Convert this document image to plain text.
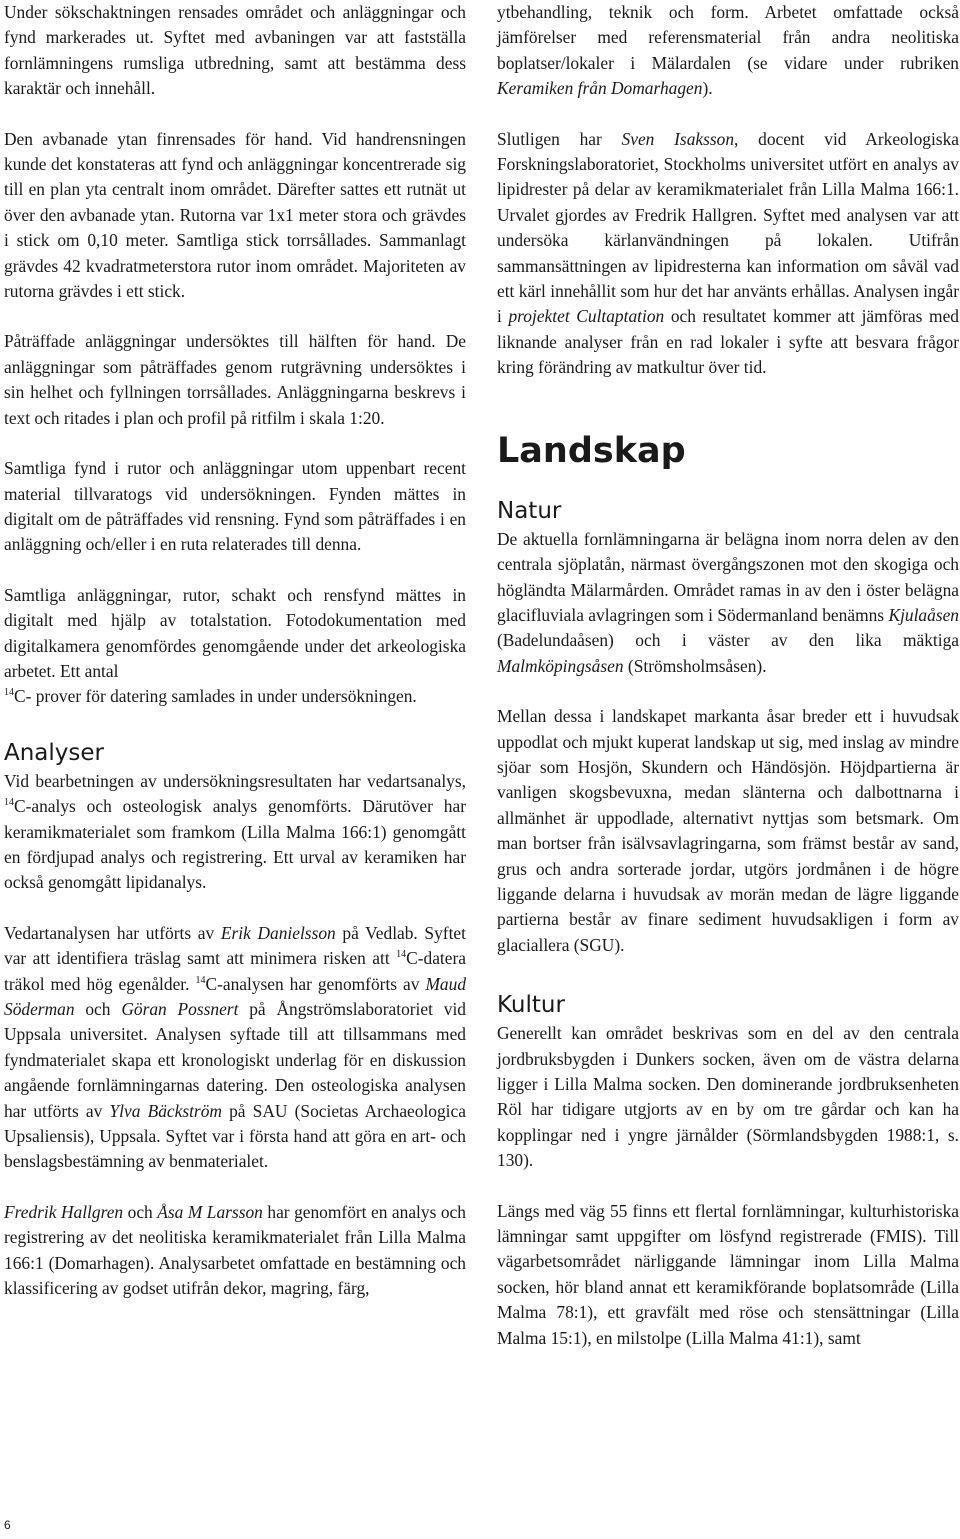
Under sökschaktningen rensades området och anläggningar och fynd markerades ut. Syftet med avbaningen var att fastställa fornlämningens rumsliga utbredning, samt att bestämma dess karaktär och innehåll.

Den avbanade ytan finrensades för hand. Vid handrensningen kunde det konstateras att fynd och anläggningar koncentrerade sig till en plan yta centralt inom området. Därefter sattes ett rutnät ut över den avbanade ytan. Rutorna var 1x1 meter stora och grävdes i stick om 0,10 meter. Samtliga stick torrsållades. Sammanlagt grävdes 42 kvadratmeterstora rutor inom området. Majoriteten av rutorna grävdes i ett stick.

Påträffade anläggningar undersöktes till hälften för hand. De anläggningar som påträffades genom rutgrävning undersöktes i sin helhet och fyllningen torrsållades. Anläggningarna beskrevs i text och ritades i plan och profil på ritfilm i skala 1:20.

Samtliga fynd i rutor och anläggningar utom uppenbart recent material tillvaratogs vid undersökningen. Fynden mättes in digitalt om de påträffades vid rensning. Fynd som påträffades i en anläggning och/eller i en ruta relaterades till denna.

Samtliga anläggningar, rutor, schakt och rensfynd mättes in digitalt med hjälp av totalstation. Fotodokumentation med digitalkamera genomfördes genomgående under det arkeologiska arbetet. Ett antal
$^{14}$C- prover för datering samlades in under undersökningen.

Analyser

Vid bearbetningen av undersökningsresultaten har vedartsanalys, $^{14}$C-analys och osteologisk analys genomförts. Därutöver har keramikmaterialet som framkom (Lilla Malma 166:1) genomgått en fördjupad analys och registrering. Ett urval av keramiken har också genomgått lipidanalys.

Vedartanalysen har utförts av Erik Danielsson på Vedlab. Syftet var att identifiera träslag samt att minimera risken att $^{14}$C-datera träkol med hög egenålder. $^{14}$C-analysen har genomförts av Maud Söderman och Göran Possnert på Ångströmslaboratoriet vid Uppsala universitet. Analysen syftade till att tillsammans med fyndmaterialet skapa ett kronologiskt underlag för en diskussion angående fornlämningarnas datering. Den osteologiska analysen har utförts av Ylva Bäckström på SAU (Societas Archaeologica Upsaliensis), Uppsala. Syftet var i första hand att göra en art- och benslagsbestämning av benmaterialet.

Fredrik Hallgren och Åsa M Larsson har genomfört en analys och registrering av det neolitiska keramikmaterialet från Lilla Malma 166:1 (Domarhagen). Analysarbetet omfattade en bestämning och klassificering av godset utifrån dekor, magring, färg,

ytbehandling, teknik och form. Arbetet omfattade också jämförelser med referensmaterial från andra neolitiska boplatser/lokaler i Mälardalen (se vidare under rubriken Keramiken från Domarhagen).

Slutligen har Sven Isaksson, docent vid Arkeologiska Forskningslaboratoriet, Stockholms universitet utfört en analys av lipidrester på delar av keramikmaterialet från Lilla Malma 166:1. Urvalet gjordes av Fredrik Hallgren. Syftet med analysen var att undersöka kärlanvändningen på lokalen. Utifrån sammansättningen av lipidresterna kan information om såväl vad ett kärl innehållit som hur det har använts erhållas. Analysen ingår i projektet Cultaptation och resultatet kommer att jämföras med liknande analyser från en rad lokaler i syfte att besvara frågor kring förändring av matkultur över tid.

Landskap
Natur

De aktuella fornlämningarna är belägna inom norra delen av den centrala sjöplatån, närmast övergångszonen mot den skogiga och högländta Mälarmården. Området ramas in av den i öster belägna glacifluviala avlagringen som i Södermanland benämns Kjulaåsen (Badelundaåsen) och i väster av den lika mäktiga Malmköpingsåsen (Strömsholmsåsen).

Mellan dessa i landskapet markanta åsar breder ett i huvudsak uppodlat och mjukt kuperat landskap ut sig, med inslag av mindre sjöar som Hosjön, Skundern och Händösjön. Höjdpartierna är vanligen skogsbevuxna, medan slänterna och dalbottnarna i allmänhet är uppodlade, alternativt nyttjas som betsmark. Om man bortser från isälvsavlagringarna, som främst består av sand, grus och andra sorterade jordar, utgörs jordmånen i de högre liggande delarna i huvudsak av morän medan de lägre liggande partierna består av finare sediment huvudsakligen i form av glaciallera (SGU).

Kultur

Generellt kan området beskrivas som en del av den centrala jordbruksbygden i Dunkers socken, även om de västra delarna ligger i Lilla Malma socken. Den dominerande jordbruksenheten Röl har tidigare utgjorts av en by om tre gårdar och kan ha kopplingar ned i yngre järnålder (Sörmlandsbygden 1988:1, s. 130).

Längs med väg 55 finns ett flertal fornlämningar, kulturhistoriska lämningar samt uppgifter om lösfynd registrerade (FMIS). Till vägarbetsområdet närliggande lämningar inom Lilla Malma socken, hör bland annat ett keramikförande boplatsområde (Lilla Malma 78:1), ett gravfält med röse och stensättningar (Lilla Malma 15:1), en milstolpe (Lilla Malma 41:1), samt

6
